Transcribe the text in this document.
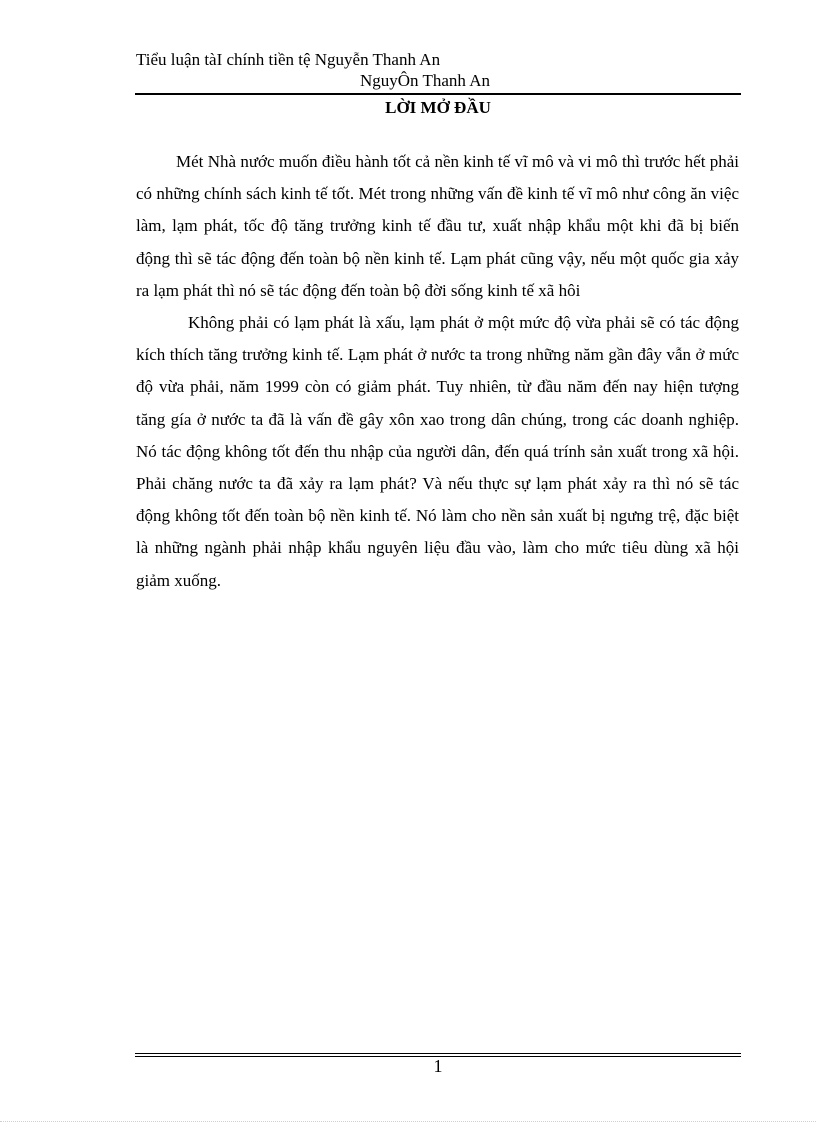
Tiểu luận tàI chính tiền tệ Nguyễn Thanh An
NguyÔn Thanh An
LỜI MỞ ĐẦU

Mét Nhà nước muốn điều hành tốt cả nền kinh tế vĩ mô và vi mô thì trước hết phải có những chính sách kinh tế tốt. Mét trong những vấn đề kinh tế vĩ mô như công ăn việc làm, lạm phát, tốc độ tăng trưởng kinh tế đầu tư, xuất nhập khẩu một khi đã bị biến động thì sẽ tác động đến toàn bộ nền kinh tế. Lạm phát cũng vậy, nếu một quốc gia xảy ra lạm phát thì nó sẽ tác động đến toàn bộ đời sống kinh tế xã hôi

Không phải có lạm phát là xấu, lạm phát ở một mức độ vừa phải sẽ có tác động kích thích tăng trưởng kinh tế. Lạm phát ở nước ta trong những năm gần đây vẫn ở mức độ vừa phải, năm 1999 còn có giảm phát. Tuy nhiên, từ đầu năm đến nay hiện tượng tăng gía ở nước ta đã là vấn đề gây xôn xao trong dân chúng, trong các doanh nghiệp. Nó tác động không tốt đến thu nhập của người dân, đến quá trính sản xuất trong xã hội. Phải chăng nước ta đã xảy ra lạm phát? Và nếu thực sự lạm phát xảy ra thì nó sẽ tác động không tốt đến toàn bộ nền kinh tế. Nó làm cho nền sản xuất bị ngưng trệ, đặc biệt là những ngành phải nhập khẩu nguyên liệu đầu vào, làm cho mức tiêu dùng xã hội giảm xuống.

1
